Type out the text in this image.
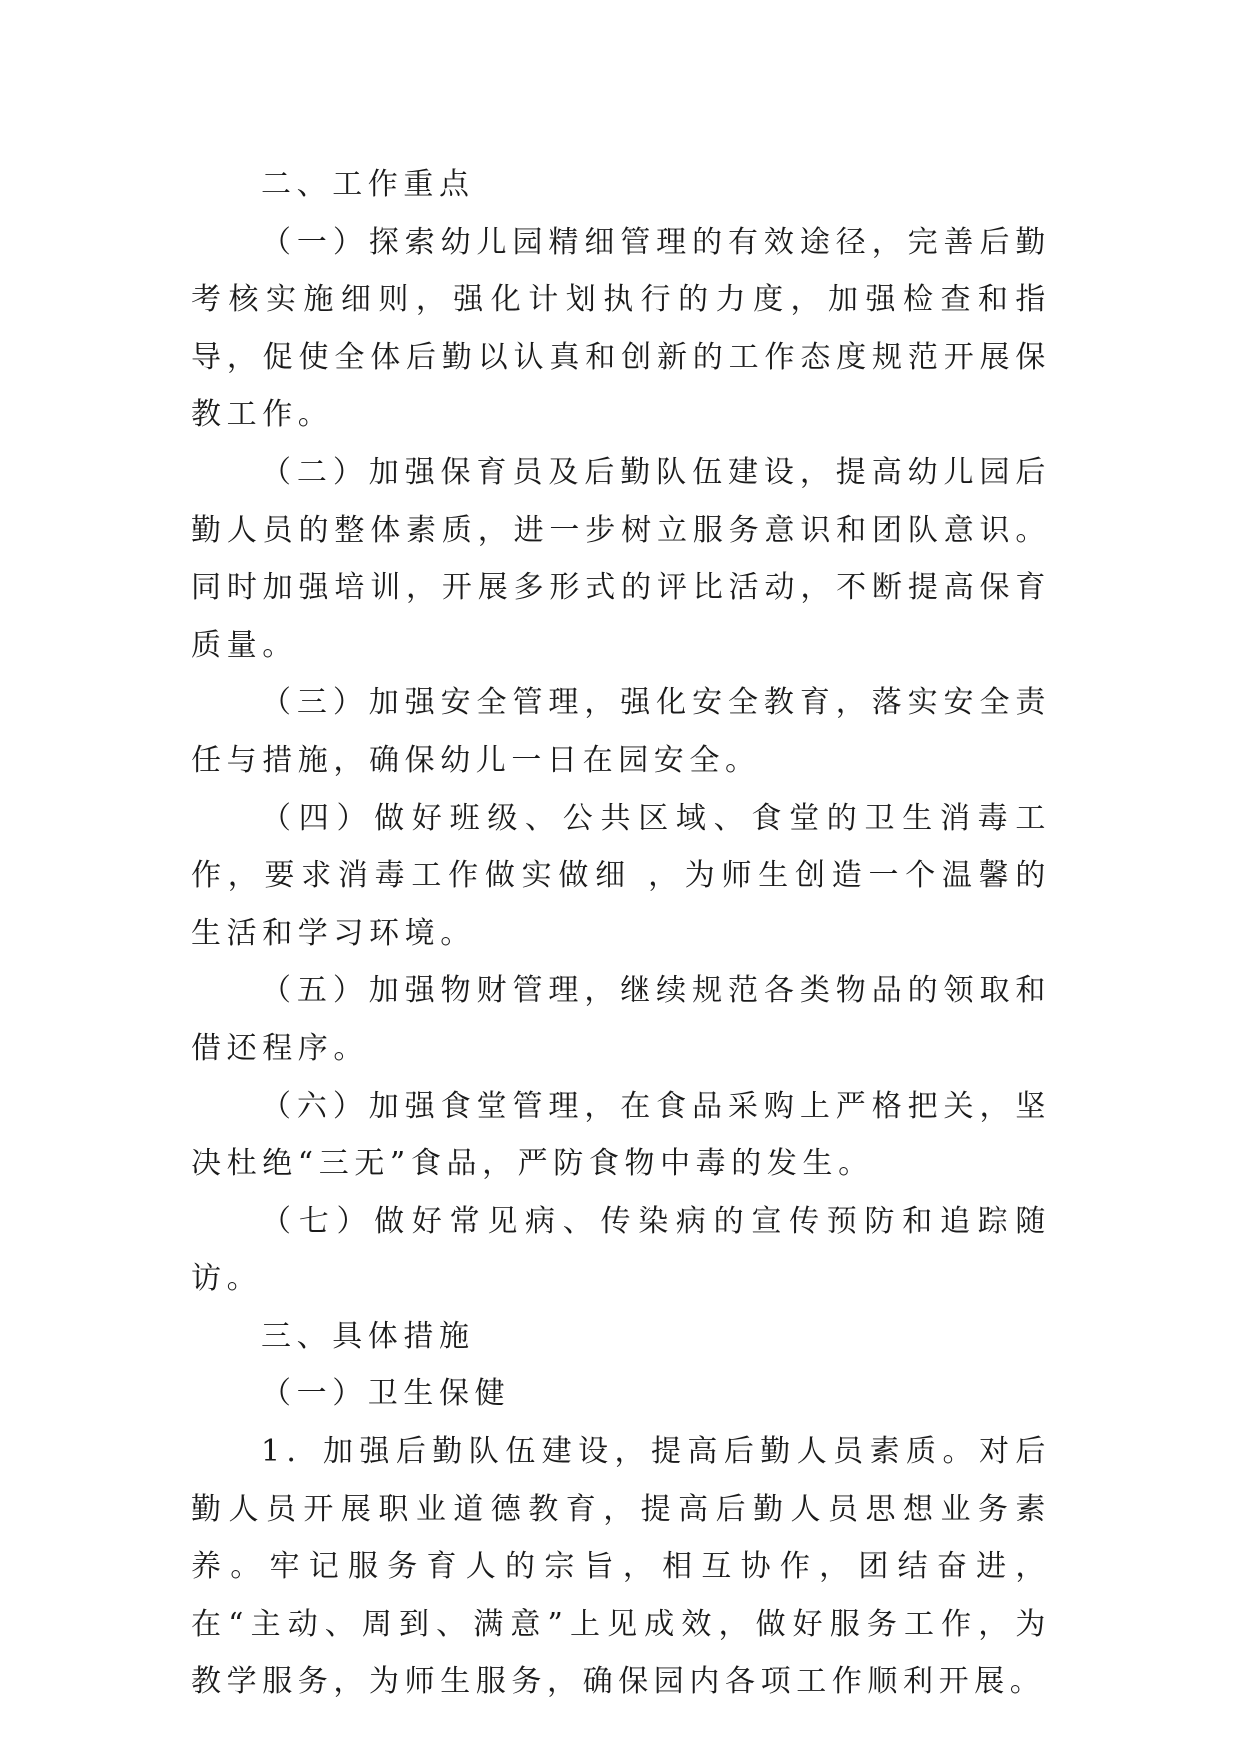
二、工作重点

（一）探索幼儿园精细管理的有效途径，完善后勤考核实施细则，强化计划执行的力度，加强检查和指导，促使全体后勤以认真和创新的工作态度规范开展保教工作。

（二）加强保育员及后勤队伍建设，提高幼儿园后勤人员的整体素质，进一步树立服务意识和团队意识。同时加强培训，开展多形式的评比活动，不断提高保育质量。

（三）加强安全管理，强化安全教育，落实安全责任与措施，确保幼儿一日在园安全。

（四）做好班级、公共区域、食堂的卫生消毒工作，要求消毒工作做实做细 ，为师生创造一个温馨的生活和学习环境。

（五）加强物财管理，继续规范各类物品的领取和借还程序。

（六）加强食堂管理，在食品采购上严格把关，坚决杜绝“三无”食品，严防食物中毒的发生。

（七）做好常见病、传染病的宣传预防和追踪随访。

三、具体措施

（一）卫生保健

1．加强后勤队伍建设，提高后勤人员素质。对后勤人员开展职业道德教育，提高后勤人员思想业务素养。牢记服务育人的宗旨，相互协作，团结奋进，在“主动、周到、满意”上见成效，做好服务工作，为教学服务，为师生服务，确保园内各项工作顺利开展。
